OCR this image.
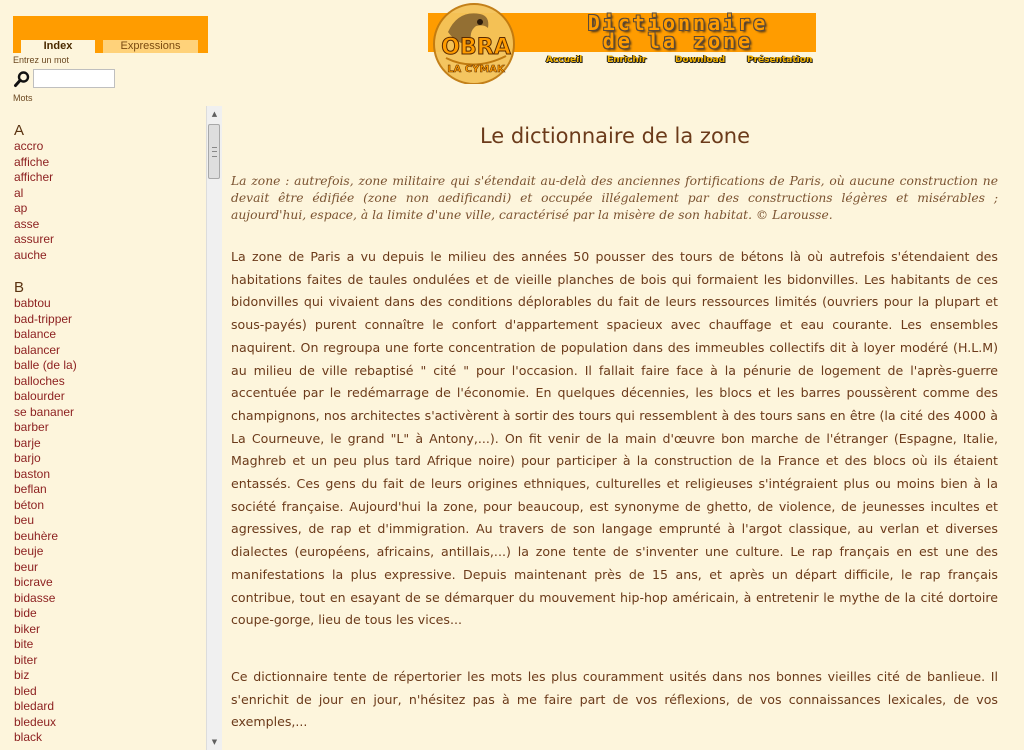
Index	Expressions
Entrez un mot
Mots
A
accro
affiche
afficher
al
ap
asse
assurer
auche
B
babtou
bad-tripper
balance
balancer
balle (de la)
balloches
balourder
se bananer
barber
barje
barjo
baston
beflan
béton
beu
beuhère
beuje
beur
bicrave
bidasse
bide
biker
bite
biter
biz
bled
bledard
bledeux
black
▲
▼
OBRA
LA CYMAK
Dictionnaire
de la zone
Accueil	Enrichir	Download Présentation
Le dictionnaire de la zone

La zone : autrefois, zone militaire qui s'étendait au-delà des anciennes fortifications de Paris, où aucune construction ne devait être édifiée (zone non aedificandi) et occupée illégalement par des constructions légères et misérables ; aujourd'hui, espace, à la limite d'une ville, caractérisé par la misère de son habitat. © Larousse.

La zone de Paris a vu depuis le milieu des années 50 pousser des tours de bétons là où autrefois s'étendaient des habitations faites de taules ondulées et de vieille planches de bois qui formaient les bidonvilles. Les habitants de ces bidonvilles qui vivaient dans des conditions déplorables du fait de leurs ressources limités (ouvriers pour la plupart et sous-payés) purent connaître le confort d'appartement spacieux avec chauffage et eau courante. Les ensembles naquirent. On regroupa une forte concentration de population dans des immeubles collectifs dit à loyer modéré (H.L.M) au milieu de ville rebaptisé " cité " pour l'occasion. Il fallait faire face à la pénurie de logement de l'après-guerre accentuée par le redémarrage de l'économie. En quelques décennies, les blocs et les barres poussèrent comme des champignons, nos architectes s'activèrent à sortir des tours qui ressemblent à des tours sans en être (la cité des 4000 à La Courneuve, le grand "L" à Antony,...). On fit venir de la main d'œuvre bon marche de l'étranger (Espagne, Italie, Maghreb et un peu plus tard Afrique noire) pour participer à la construction de la France et des blocs où ils étaient entassés. Ces gens du fait de leurs origines ethniques, culturelles et religieuses s'intégraient plus ou moins bien à la société française. Aujourd'hui la zone, pour beaucoup, est synonyme de ghetto, de violence, de jeunesses incultes et agressives, de rap et d'immigration. Au travers de son langage emprunté à l'argot classique, au verlan et diverses dialectes (européens, africains, antillais,...) la zone tente de s'inventer une culture. Le rap français en est une des manifestations la plus expressive. Depuis maintenant près de 15 ans, et après un départ difficile, le rap français contribue, tout en esayant de se démarquer du mouvement hip-hop américain, à entretenir le mythe de la cité dortoire coupe-gorge, lieu de tous les vices...

Ce dictionnaire tente de répertorier les mots les plus couramment usités dans nos bonnes vieilles cité de banlieue. Il s'enrichit de jour en jour, n'hésitez pas à me faire part de vos réflexions, de vos connaissances lexicales, de vos exemples,...
